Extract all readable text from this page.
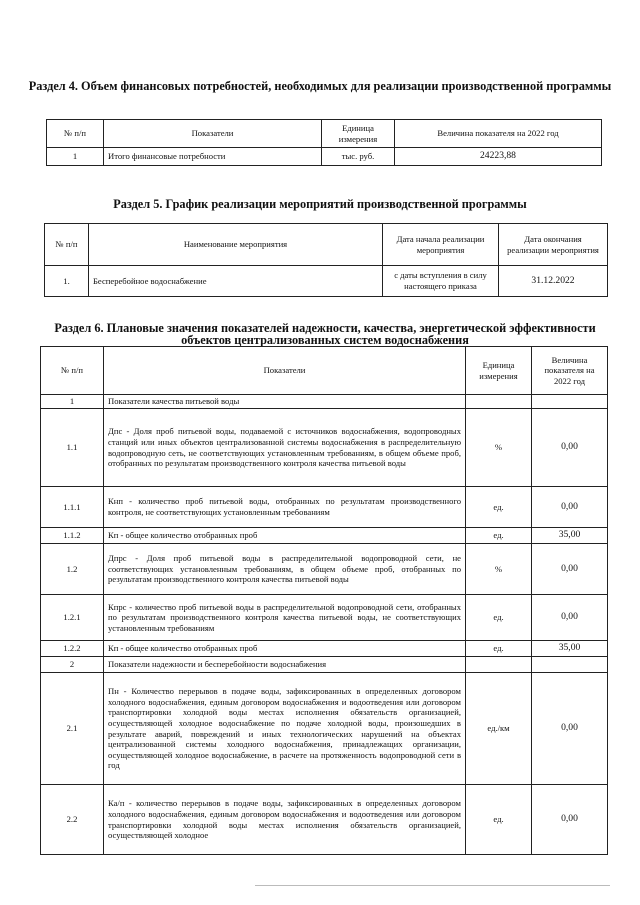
Раздел 4. Объем финансовых потребностей, необходимых для реализации производственной программы
№ п/п	Показатели	Единица измерения	Величина показателя на 2022 год
1	Итого финансовые потребности	тыс. руб.	24223,88
Раздел 5. График реализации мероприятий производственной программы
№ п/п	Наименование мероприятия	Дата начала реализации мероприятия	Дата окончания реализации мероприятия
1.	Бесперебойное водоснабжение	с даты вступления в силу настоящего приказа	31.12.2022
Раздел 6. Плановые значения показателей надежности, качества, энергетической эффективности объектов централизованных систем водоснабжения
№ п/п	Показатели	Единица измерения	Величина показателя на 2022 год
1	Показатели качества питьевой воды		
1.1	Дпс - Доля проб питьевой воды, подаваемой с источников водоснабжения, водопроводных станций или иных объектов централизованной системы водоснабжения в распределительную водопроводную сеть, не соответствующих установленным требованиям, в общем объеме проб, отобранных по результатам производственного контроля качества питьевой воды	%	0,00
1.1.1	Кнп - количество проб питьевой воды, отобранных по результатам производственного контроля, не соответствующих установленным требованиям	ед.	0,00
1.1.2	Кп - общее количество отобранных проб	ед.	35,00
1.2	Дпрс - Доля проб питьевой воды в распределительной водопроводной сети, не соответствующих установленным требованиям, в общем объеме проб, отобранных по результатам производственного контроля качества питьевой воды	%	0,00
1.2.1	Кпрс - количество проб питьевой воды в распределительной водопроводной сети, отобранных по результатам производственного контроля качества питьевой воды, не соответствующих установленным требованиям	ед.	0,00
1.2.2	Кп - общее количество отобранных проб	ед.	35,00
2	Показатели надежности и бесперебойности водоснабжения		
2.1	Пн - Количество перерывов в подаче воды, зафиксированных в определенных договором холодного водоснабжения, единым договором водоснабжения и водоотведения или договором транспортировки холодной воды местах исполнения обязательств организацией, осуществляющей холодное водоснабжение по подаче холодной воды, произошедших в результате аварий, повреждений и иных технологических нарушений на объектах централизованной системы холодного водоснабжения, принадлежащих организации, осуществляющей холодное водоснабжение, в расчете на протяженность водопроводной сети в год	ед./км	0,00
2.2	Ка/п - количество перерывов в подаче воды, зафиксированных в определенных договором холодного водоснабжения, единым договором водоснабжения и водоотведения или договором транспортировки холодной воды местах исполнения обязательств организацией, осуществляющей холодное	ед.	0,00
